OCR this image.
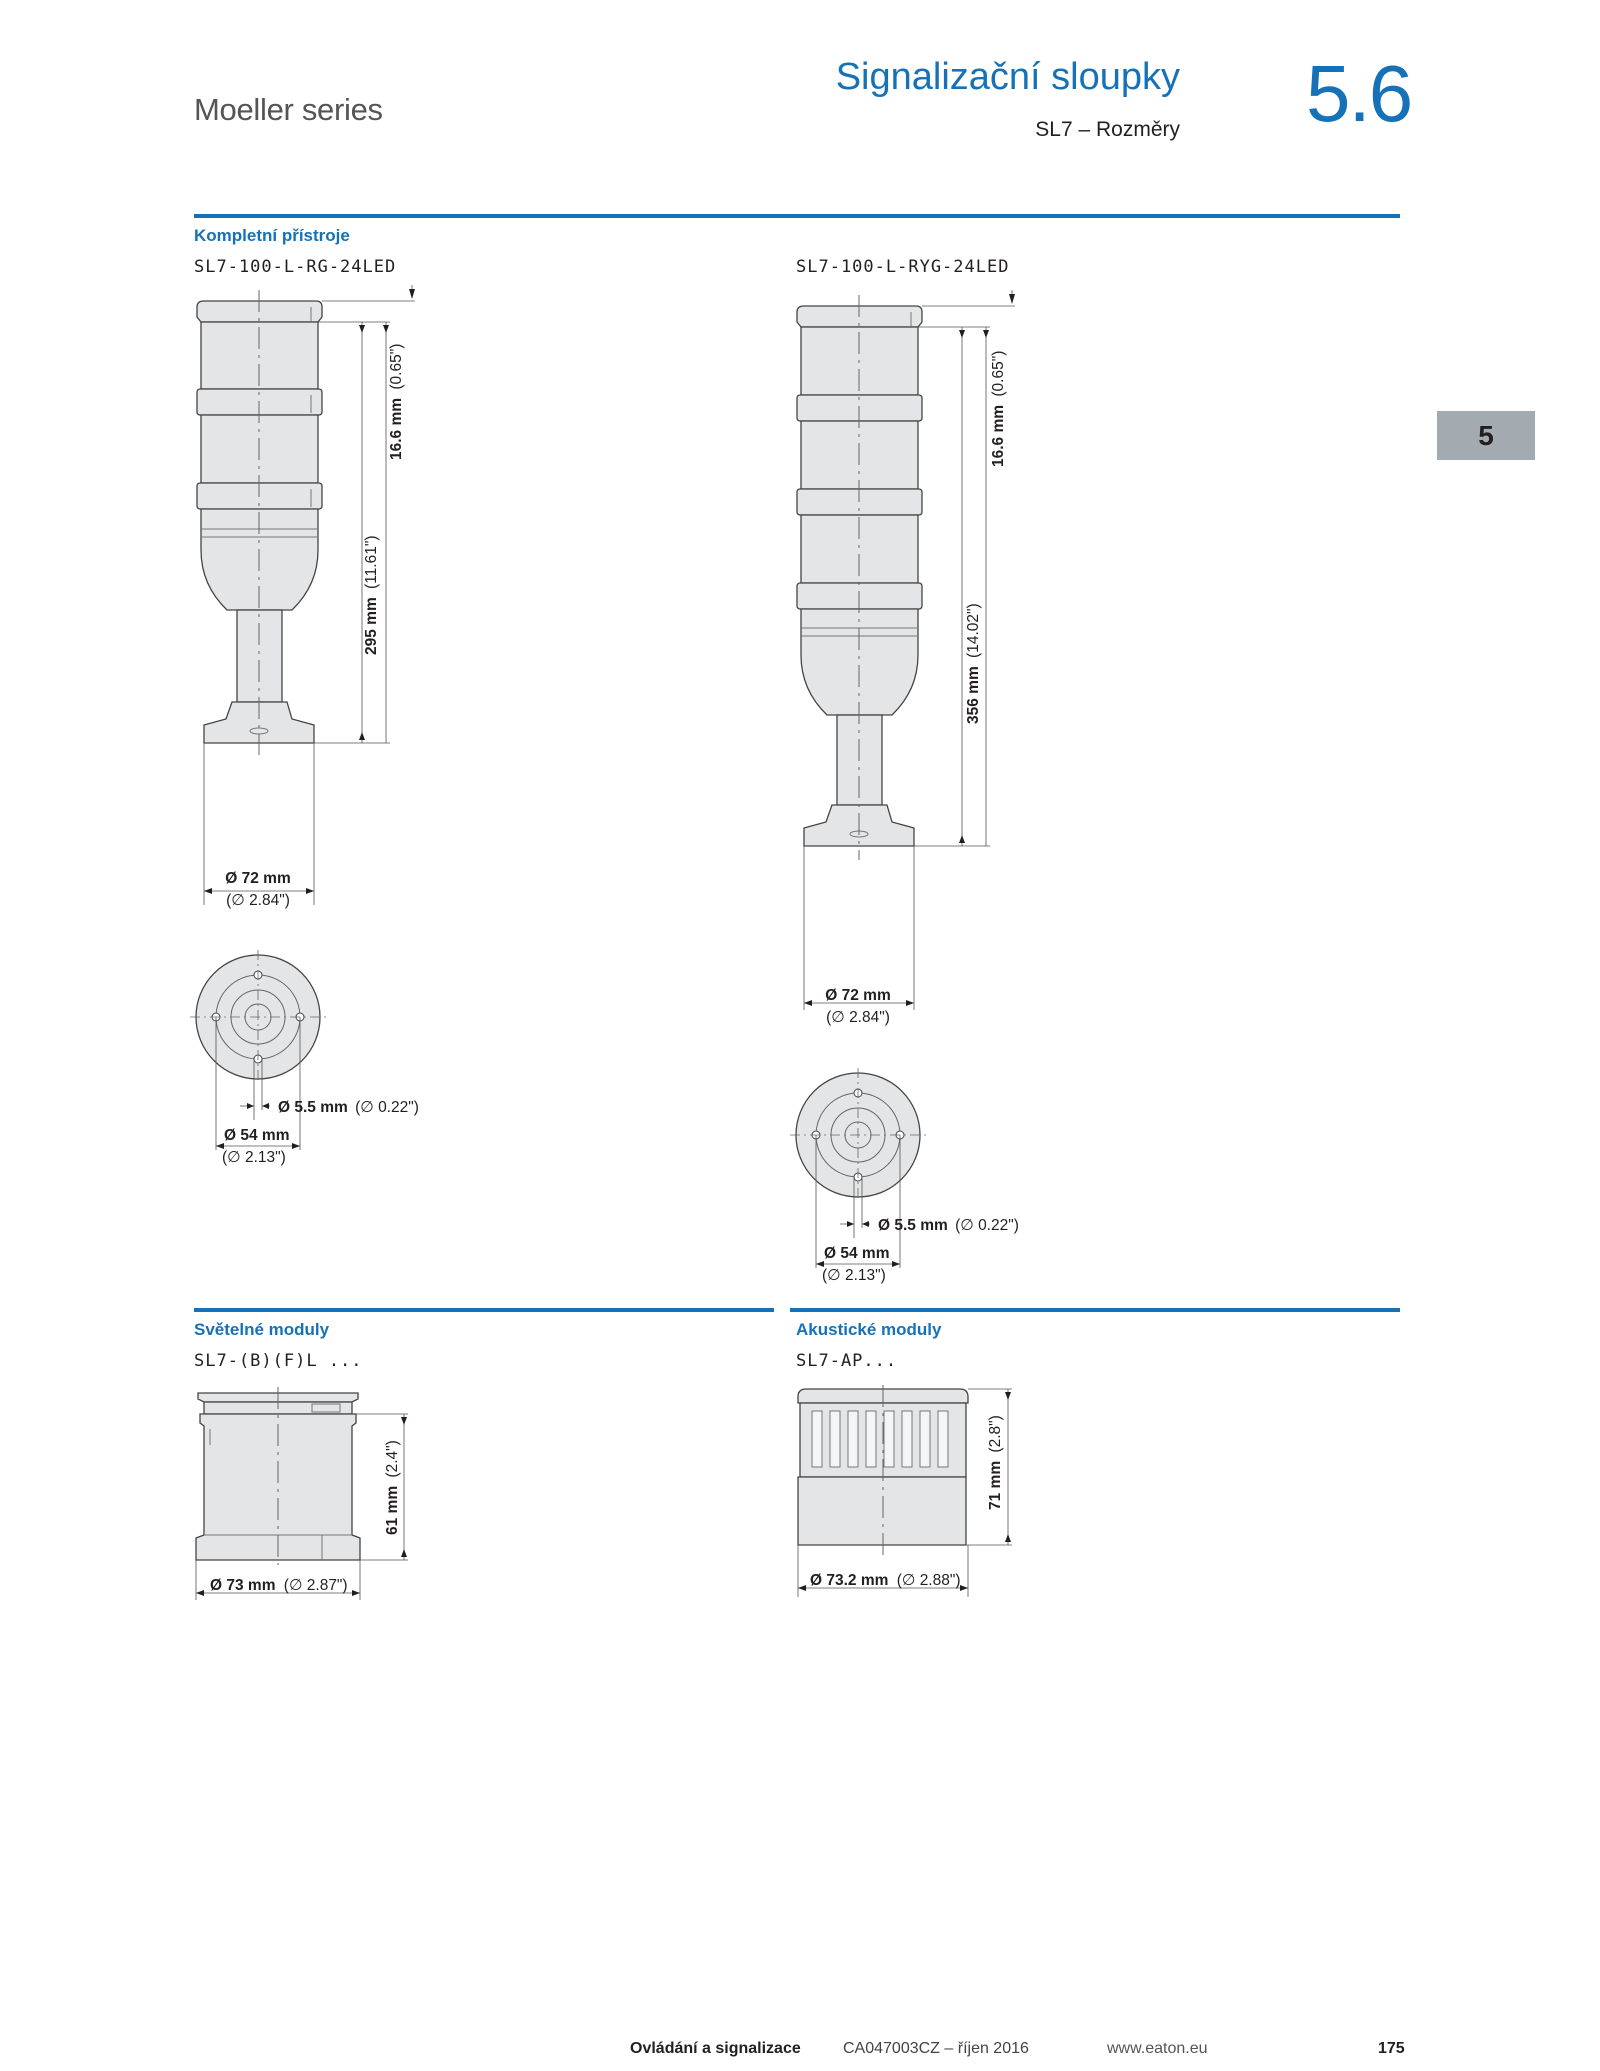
Moeller series
Signalizační sloupky
SL7 – Rozměry 5.6
5
Kompletní přístroje
SL7-100-L-RG-24LED	SL7-100-L-RYG-24LED
16.6 mm (0.65")
295 mm (11.61")
Ø 72 mm
(∅ 2.84")
16.6 mm (0.65")
356 mm (14.02")
Ø 72 mm
(∅ 2.84")
Ø 5.5 mm (∅ 0.22")
Ø 54 mm
(∅ 2.13")
Ø 5.5 mm (∅ 0.22")
Ø 54 mm
(∅ 2.13")
Světelné moduly
SL7-(B)(F)L ...
Akustické moduly
SL7-AP...
61 mm (2.4")
Ø 73 mm (∅ 2.87")
71 mm (2.8")
Ø 73.2 mm (∅ 2.88")
Ovládání a signalizace	CA047003CZ – říjen 2016	www.eaton.eu	175
